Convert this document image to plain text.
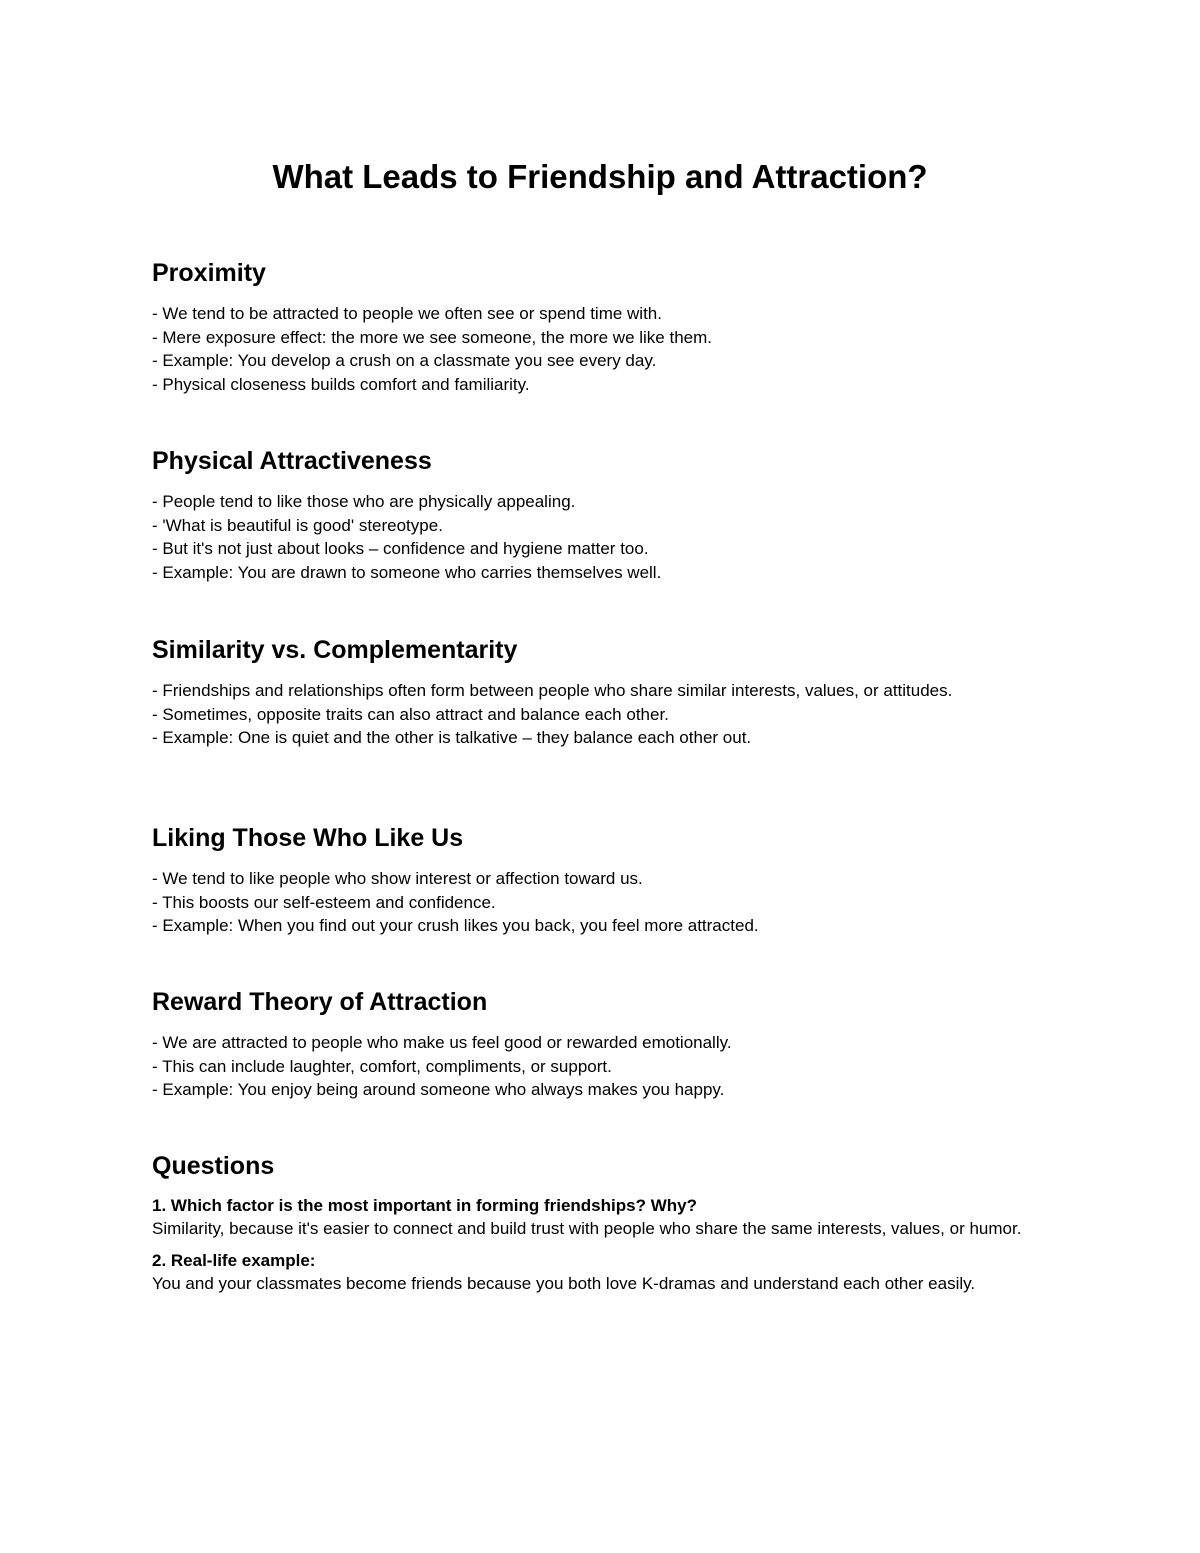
What Leads to Friendship and Attraction?
Proximity

- We tend to be attracted to people we often see or spend time with.

- Mere exposure effect: the more we see someone, the more we like them.

- Example: You develop a crush on a classmate you see every day.

- Physical closeness builds comfort and familiarity.

Physical Attractiveness

- People tend to like those who are physically appealing.

- 'What is beautiful is good' stereotype.

- But it's not just about looks – confidence and hygiene matter too.

- Example: You are drawn to someone who carries themselves well.

Similarity vs. Complementarity

- Friendships and relationships often form between people who share similar interests, values, or attitudes.

- Sometimes, opposite traits can also attract and balance each other.

- Example: One is quiet and the other is talkative – they balance each other out.

Liking Those Who Like Us

- We tend to like people who show interest or affection toward us.

- This boosts our self-esteem and confidence.

- Example: When you find out your crush likes you back, you feel more attracted.

Reward Theory of Attraction

- We are attracted to people who make us feel good or rewarded emotionally.

- This can include laughter, comfort, compliments, or support.

- Example: You enjoy being around someone who always makes you happy.

Questions

1. Which factor is the most important in forming friendships? Why?

Similarity, because it's easier to connect and build trust with people who share the same interests, values, or humor.

2. Real-life example:

You and your classmates become friends because you both love K-dramas and understand each other easily.
